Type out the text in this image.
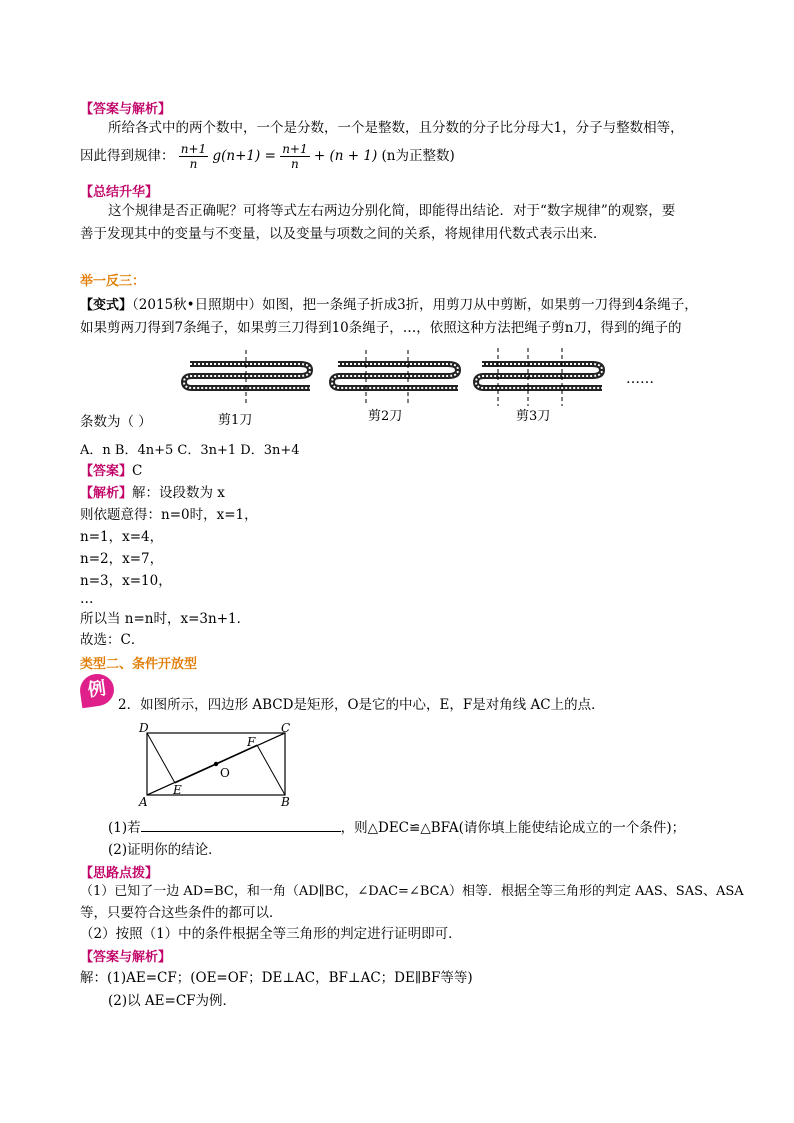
【答案与解析】
所给各式中的两个数中，一个是分数，一个是整数，且分数的分子比分母大1，分子与整数相等，
因此得到规律： $\frac{n+1}{n} g(n+1) = \frac{n+1}{n} + (n + 1)$ (n为正整数)
【总结升华】
这个规律是否正确呢？可将等式左右两边分别化简，即能得出结论．对于“数字规律”的观察，要
善于发现其中的变量与不变量，以及变量与项数之间的关系，将规律用代数式表示出来．
举一反三：
【变式】（2015秋•日照期中）如图，把一条绳子折成3折，用剪刀从中剪断，如果剪一刀得到4条绳子，
如果剪两刀得到7条绳子，如果剪三刀得到10条绳子，…，依照这种方法把绳子剪n刀，得到的绳子的
……
剪1刀	剪2刀	剪3刀
条数为（ ）
A．n B．4n+5 C．3n+1 D．3n+4
【答案】C
【解析】解：设段数为 x
则依题意得：n=0时，x=1，
n=1，x=4，
n=2，x=7，
n=3，x=10，
…
所以当 n=n时，x=3n+1．
故选：C．
类型二、条件开放型
例
2．如图所示，四边形 ABCD是矩形，O是它的中心，E，F是对角线 AC上的点．
D	C
A	B
E
F
O
(1)若	，则△DEC≌△BFA(请你填上能使结论成立的一个条件)；
(2)证明你的结论．
【思路点拨】
（1）已知了一边 AD=BC，和一角（AD∥BC，∠DAC=∠BCA）相等．根据全等三角形的判定 AAS、SAS、ASA
等，只要符合这些条件的都可以．
（2）按照（1）中的条件根据全等三角形的判定进行证明即可．
【答案与解析】
解：(1)AE=CF；(OE=OF；DE⊥AC，BF⊥AC；DE∥BF等等)
(2)以 AE=CF为例．
